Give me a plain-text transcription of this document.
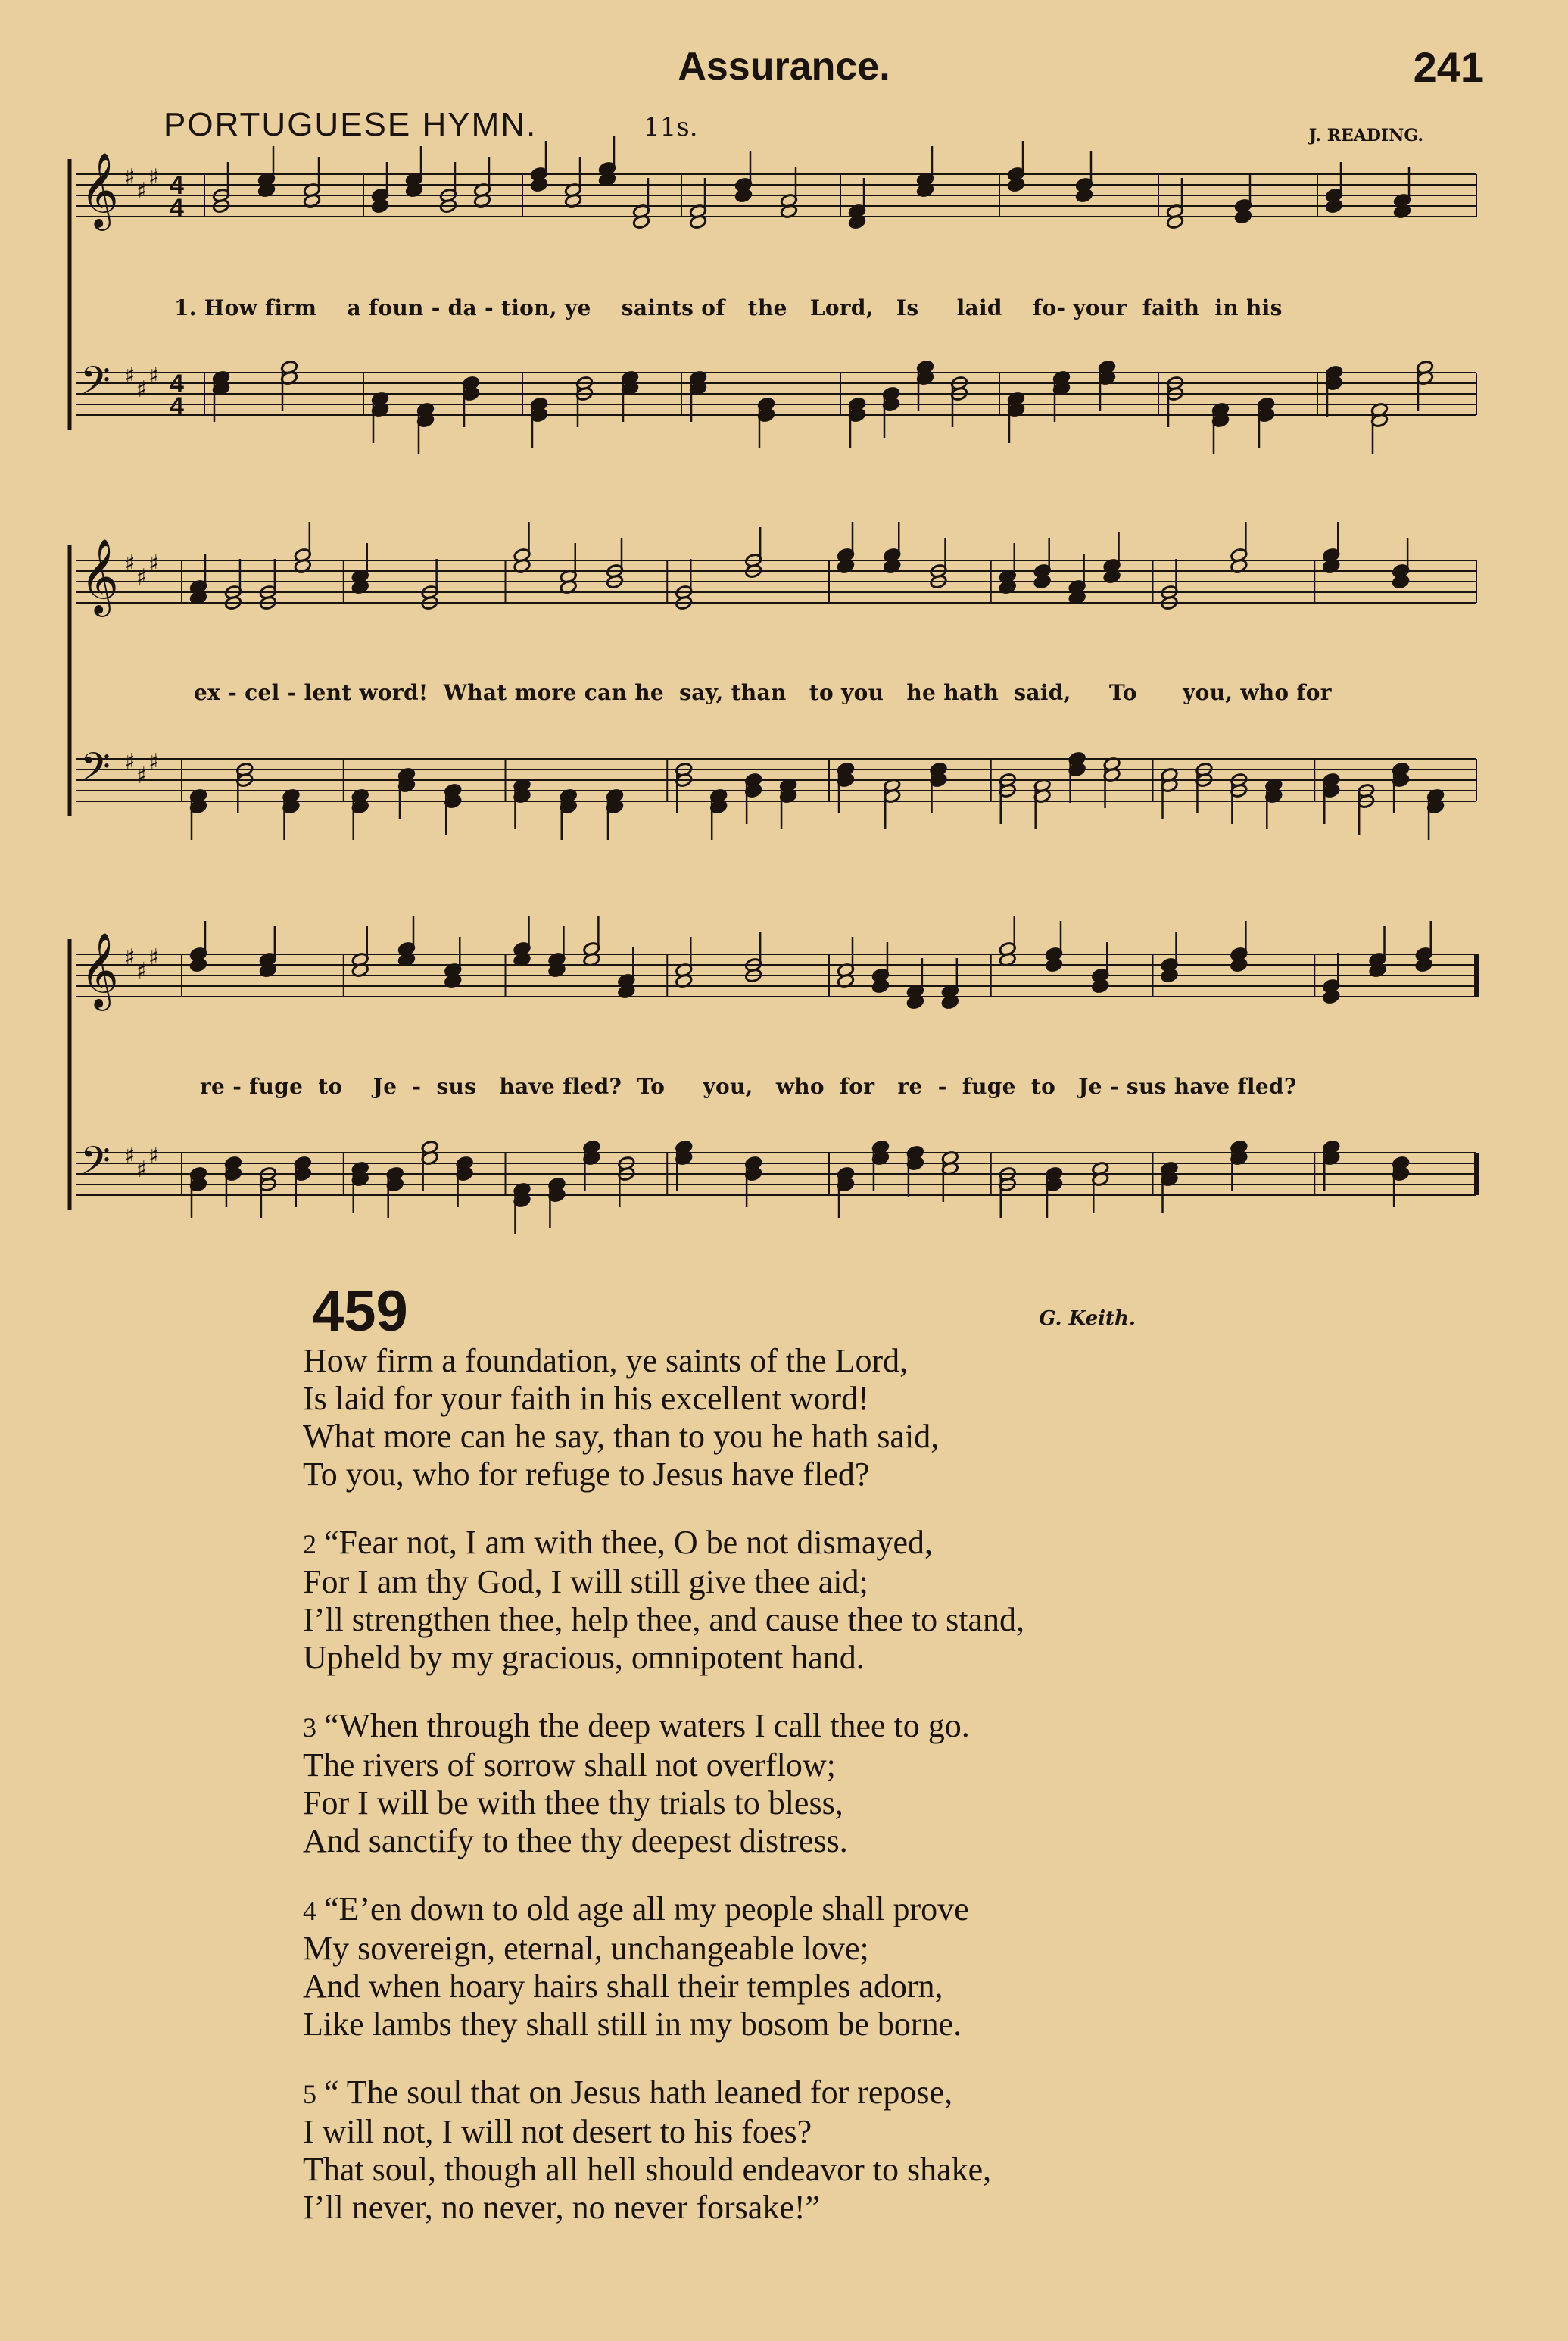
Assurance.	241
PORTUGUESE HYMN.	11s.	J. READING.
𝄞 ♯
♯
♯ 4
4
𝄢 ♯
♯
♯ 4
4
𝄞 ♯
♯
♯
𝄢 ♯
♯
♯
𝄞 ♯
♯
♯
𝄢 ♯
♯
♯
1. How firm    a foun - da - tion, ye    saints of   the   Lord,   Is     laid    fo- your  faith  in his
ex - cel - lent word!  What more can he  say, than   to you   he hath  said,     To      you, who for
re - fuge  to    Je  -  sus   have fled?  To     you,   who  for   re  -  fuge  to   Je - sus have fled?
459	G. Keith.
How firm a foundation, ye saints of the Lord,
Is laid for your faith in his excellent word!
What more can he say, than to you he hath said,
To you, who for refuge to Jesus have fled?
2 “Fear not, I am with thee, O be not dismayed,
For I am thy God, I will still give thee aid;
I’ll strengthen thee, help thee, and cause thee to stand,
Upheld by my gracious, omnipotent hand.
3 “When through the deep waters I call thee to go.
The rivers of sorrow shall not overflow;
For I will be with thee thy trials to bless,
And sanctify to thee thy deepest distress.
4 “E’en down to old age all my people shall prove
My sovereign, eternal, unchangeable love;
And when hoary hairs shall their temples adorn,
Like lambs they shall still in my bosom be borne.
5 “ The soul that on Jesus hath leaned for repose,
I will not, I will not desert to his foes?
That soul, though all hell should endeavor to shake,
I’ll never, no never, no never forsake!”
